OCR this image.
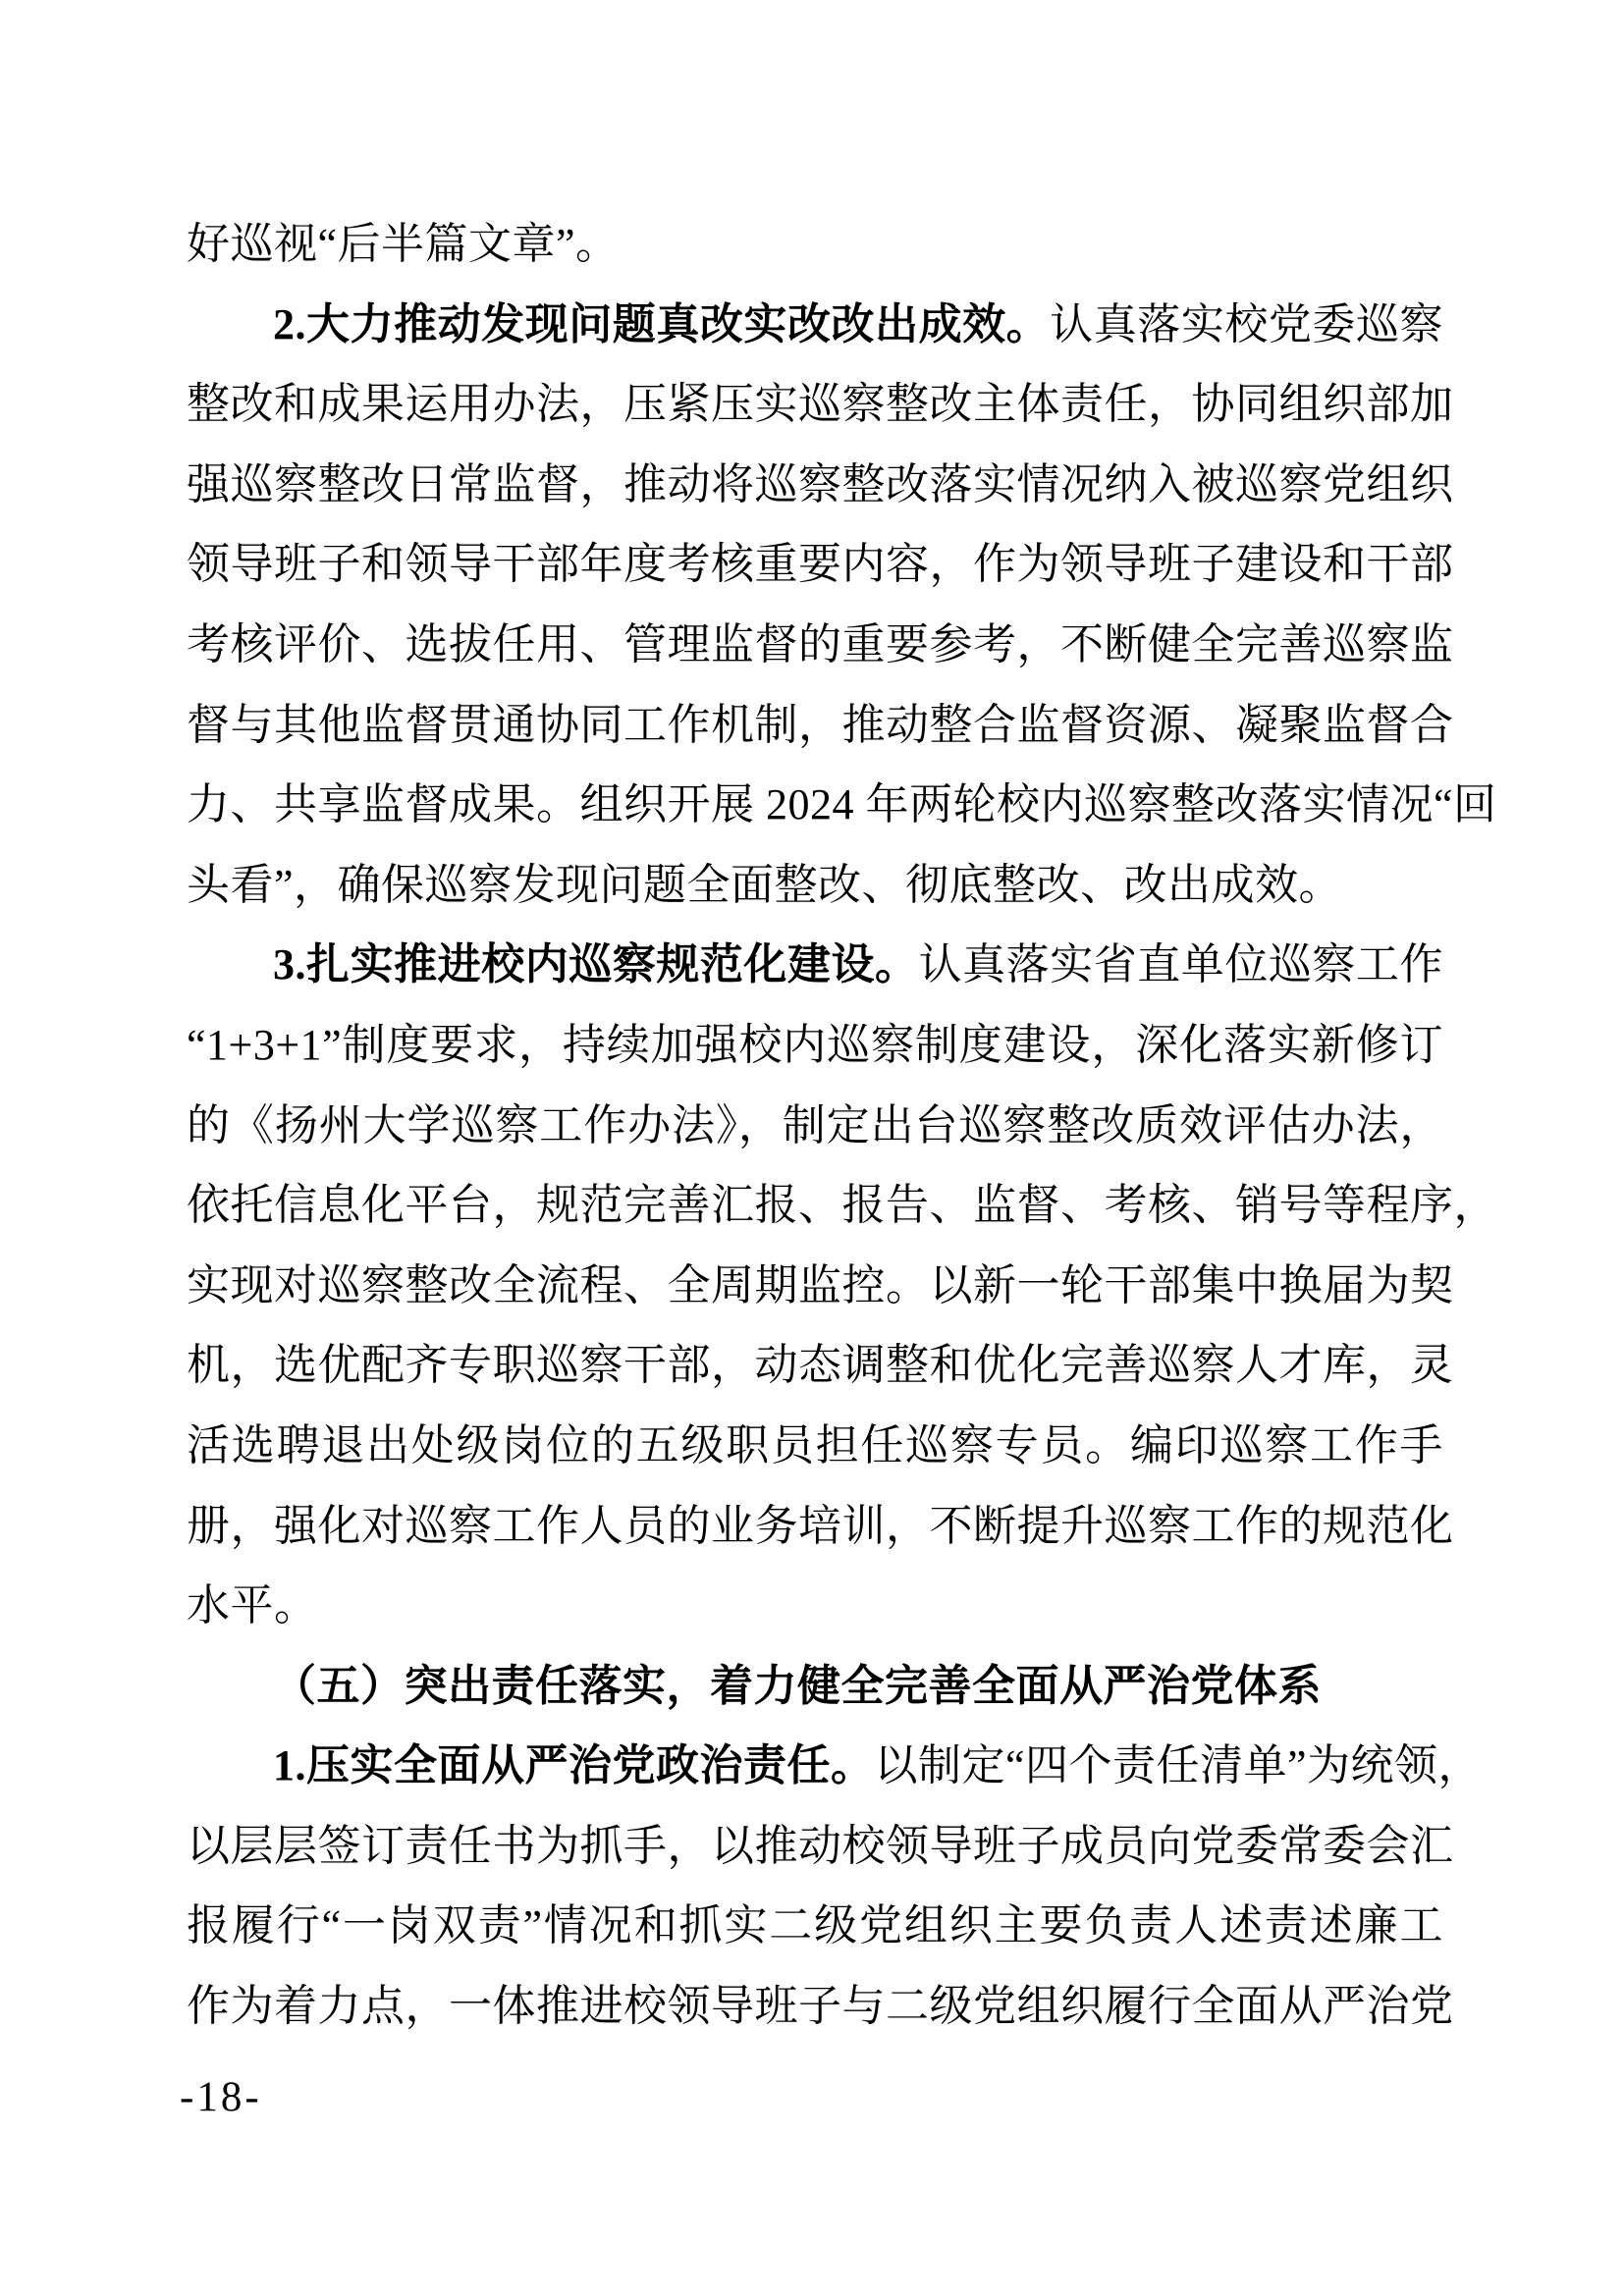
好巡视“后半篇文章”。
2.大力推动发现问题真改实改改出成效。认真落实校党委巡察
整改和成果运用办法，压紧压实巡察整改主体责任，协同组织部加
强巡察整改日常监督，推动将巡察整改落实情况纳入被巡察党组织
领导班子和领导干部年度考核重要内容，作为领导班子建设和干部
考核评价、选拔任用、管理监督的重要参考，不断健全完善巡察监
督与其他监督贯通协同工作机制，推动整合监督资源、凝聚监督合
力、共享监督成果。组织开展 2024 年两轮校内巡察整改落实情况“回
头看”，确保巡察发现问题全面整改、彻底整改、改出成效。
3.扎实推进校内巡察规范化建设。认真落实省直单位巡察工作
“1+3+1”制度要求，持续加强校内巡察制度建设，深化落实新修订
的《扬州大学巡察工作办法》，制定出台巡察整改质效评估办法，
依托信息化平台，规范完善汇报、报告、监督、考核、销号等程序，
实现对巡察整改全流程、全周期监控。以新一轮干部集中换届为契
机，选优配齐专职巡察干部，动态调整和优化完善巡察人才库，灵
活选聘退出处级岗位的五级职员担任巡察专员。编印巡察工作手
册，强化对巡察工作人员的业务培训，不断提升巡察工作的规范化
水平。
（五）突出责任落实，着力健全完善全面从严治党体系
1.压实全面从严治党政治责任。以制定“四个责任清单”为统领，
以层层签订责任书为抓手，以推动校领导班子成员向党委常委会汇
报履行“一岗双责”情况和抓实二级党组织主要负责人述责述廉工
作为着力点，一体推进校领导班子与二级党组织履行全面从严治党
-18-
